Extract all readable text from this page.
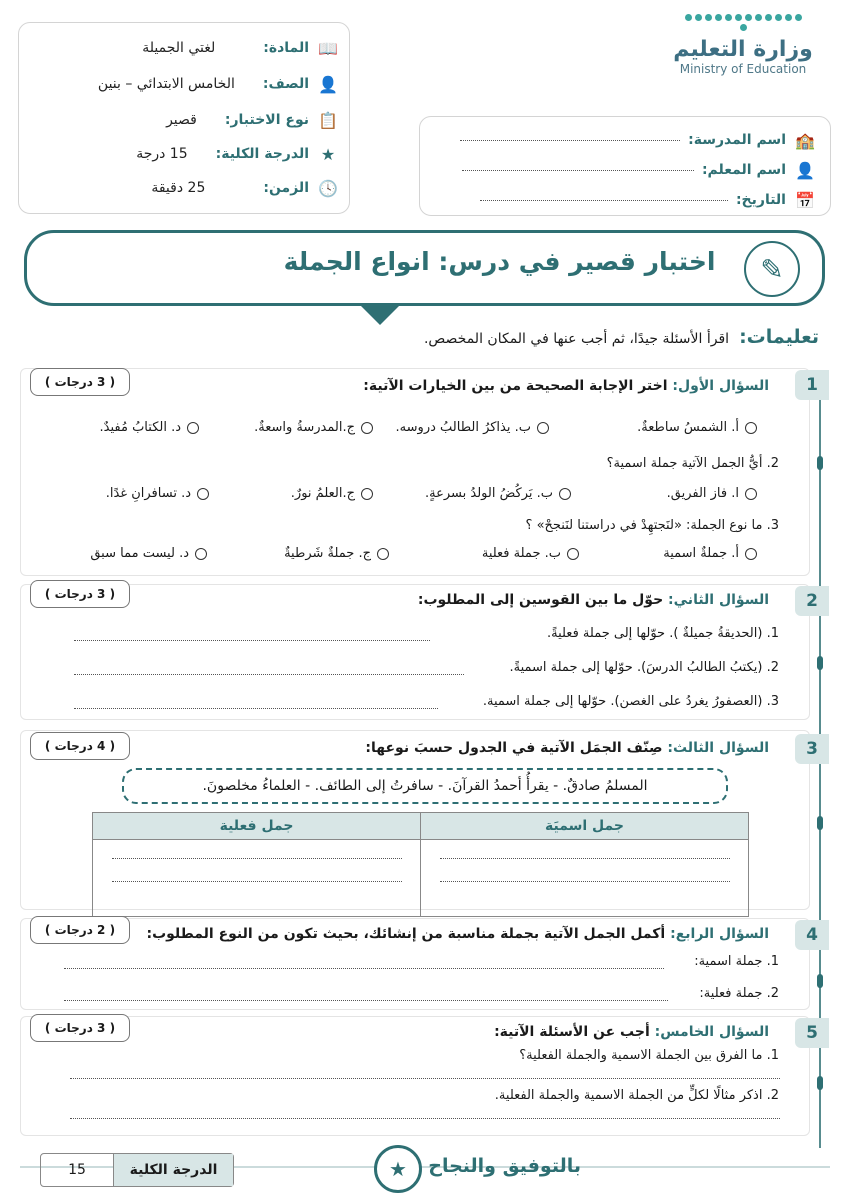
وزارة التعليم
Ministry of Education
🏫
اسم المدرسة:
👤
اسم المعلم:
📅
التاريخ:
📖
المادة:
لغتي الجميلة
👤
الصف:
الخامس الابتدائي – بنين
📋
نوع الاختبار:
قصير
★
الدرجة الكلية:
15 درجة
🕓
الزمن:
25 دقيقة
✎
اختبار قصير في درس: انواع الجملة
تعليمات:
اقرأ الأسئلة جيدًا، ثم أجب عنها في المكان المخصص.
1
( 3 درجات )	السؤال الأول: اختر الإجابة الصحيحة من بين الخيارات الآتية:
أ. الشمسُ ساطعةٌ.
ب. يذاكرُ الطالبُ دروسه.
ج.المدرسةُ واسعةٌ.
د. الكتابُ مُفيدٌ.
2. أيُّ الجمل الآتية جملة اسمية؟
ا. فاز الفريق.
ب. يَركُضُ الولدُ بسرعةٍ.
ج.العلمُ نورٌ.
د. تسافرانِ غدًا.
3. ما نوع الجملة: «لنَجتهِدْ في دراستنا لنَنجحْ» ؟
أ. جملةٌ اسمية
ب. جملة فعلية
ج. جملةٌ شَرطيةٌ
د. ليست مما سبق
2
( 3 درجات )	السؤال الثاني: حوّل ما بين القوسين إلى المطلوب:
1. (الحديقةُ جميلةٌ ). حوّلها إلى جملة فعليةً.
2. (يكتبُ الطالبُ الدرسَ). حوّلها إلى جملة اسميةً.
3. (العصفورُ يغردُ على الغصن). حوّلها إلى جملة اسمية.
3
( 4 درجات )	السؤال الثالث: صِنّف الجمَل الآتية في الجدول حسبَ نوعها:
المسلمُ صادقٌ. - يقرأُ أحمدُ القرآنَ. - سافرتُ إلى الطائف. - العلماءُ مخلصونَ.
جمل اسميَة	جمل فعلية

4
( 2 درجات )	السؤال الرابع: أكمل الجمل الآتية بجملة مناسبة من إنشائك، بحيث تكون من النوع المطلوب:
1. جملة اسمية:
2. جملة فعلية:
5
( 3 درجات )	السؤال الخامس: أجب عن الأسئلة الآتية:
1. ما الفرق بين الجملة الاسمية والجملة الفعلية؟
2. اذكر مثالًا لكلٍّ من الجملة الاسمية والجملة الفعلية.
الدرجة الكلية
15	★	بالتوفيق والنجاح
